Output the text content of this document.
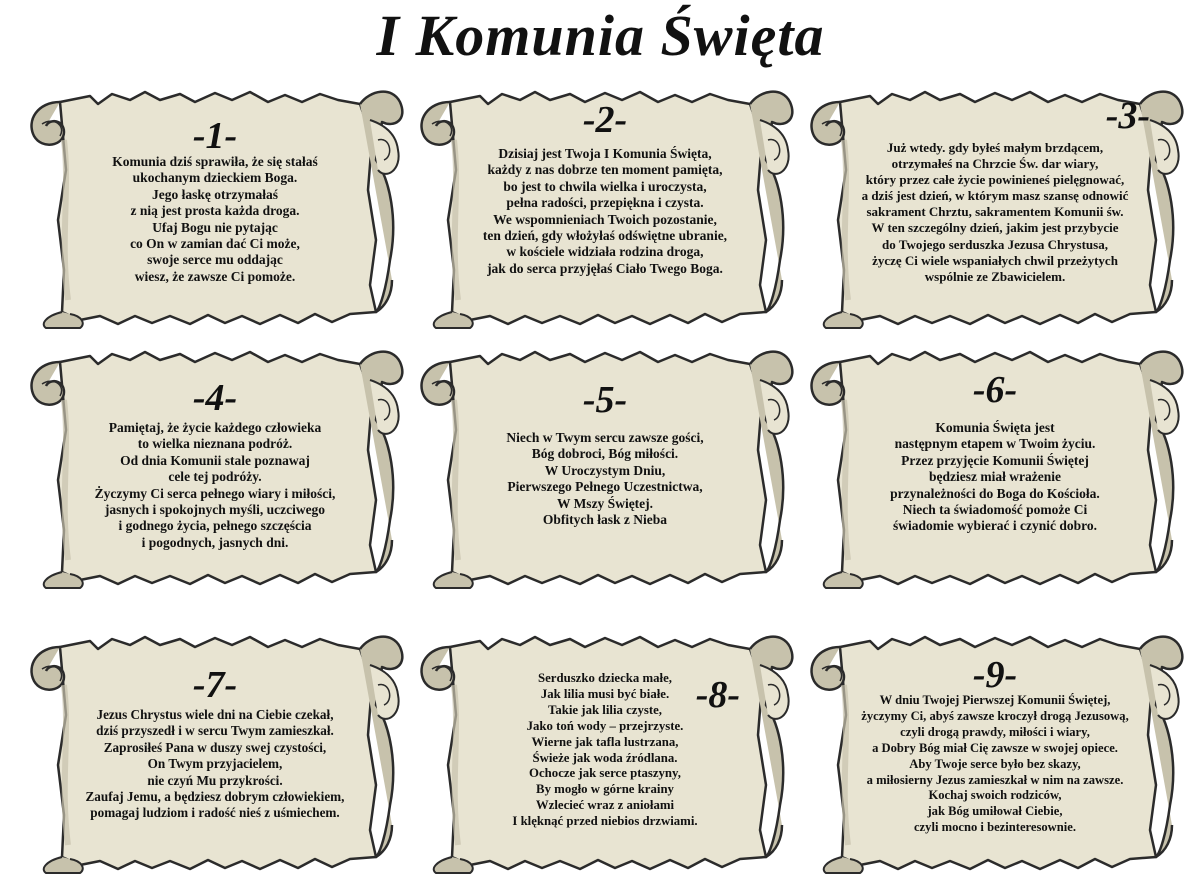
I Komunia Święta
-1-
Komunia dziś sprawiła, że się stałaś
ukochanym dzieckiem Boga.
Jego łaskę otrzymałaś
z nią jest prosta każda droga.
Ufaj Bogu nie pytając
co On w zamian dać Ci może,
swoje serce mu oddając
wiesz, że zawsze Ci pomoże.
-2-
Dzisiaj jest Twoja I Komunia Święta,
każdy z nas dobrze ten moment pamięta,
bo jest to chwila wielka i uroczysta,
pełna radości, przepiękna i czysta.
We wspomnieniach Twoich pozostanie,
ten dzień, gdy włożyłaś odświętne ubranie,
w kościele widziała rodzina droga,
jak do serca przyjęłaś Ciało Twego Boga.
-3-
Już wtedy. gdy byłeś małym brzdącem,
otrzymałeś na Chrzcie Św. dar wiary,
który przez całe życie powinieneś pielęgnować,
a dziś jest dzień, w którym masz szansę odnowić
sakrament Chrztu, sakramentem Komunii św.
W ten szczególny dzień, jakim jest przybycie
do Twojego serduszka Jezusa Chrystusa,
życzę Ci wiele wspaniałych chwil przeżytych
wspólnie ze Zbawicielem.
-4-
Pamiętaj, że życie każdego człowieka
to wielka nieznana podróż.
Od dnia Komunii stale poznawaj
cele tej podróży.
Życzymy Ci serca pełnego wiary i miłości,
jasnych i spokojnych myśli, uczciwego
i godnego życia, pełnego szczęścia
i pogodnych, jasnych dni.
-5-
Niech w Twym sercu zawsze gości,
Bóg dobroci, Bóg miłości.
W Uroczystym Dniu,
Pierwszego Pełnego Uczestnictwa,
W Mszy Świętej.
Obfitych łask z Nieba
-6-
Komunia Święta jest
następnym etapem w Twoim życiu.
Przez przyjęcie Komunii Świętej
będziesz miał wrażenie
przynależności do Boga do Kościoła.
Niech ta świadomość pomoże Ci
świadomie wybierać i czynić dobro.
-7-
Jezus Chrystus wiele dni na Ciebie czekał,
dziś przyszedł i w sercu Twym zamieszkał.
Zaprosiłeś Pana w duszy swej czystości,
On Twym przyjacielem,
nie czyń Mu przykrości.
Zaufaj Jemu, a będziesz dobrym człowiekiem,
pomagaj ludziom i radość nieś z uśmiechem.
-8-
Serduszko dziecka małe,
Jak lilia musi być białe.
Takie jak lilia czyste,
Jako toń wody – przejrzyste.
Wierne jak tafla lustrzana,
Świeże jak woda źródlana.
Ochocze jak serce ptaszyny,
By mogło w górne krainy
Wzlecieć wraz z aniołami
I klęknąć przed niebios drzwiami.
-9-
W dniu Twojej Pierwszej Komunii Świętej,
życzymy Ci, abyś zawsze kroczył drogą Jezusową,
czyli drogą prawdy, miłości i wiary,
a Dobry Bóg miał Cię zawsze w swojej opiece.
Aby Twoje serce było bez skazy,
a miłosierny Jezus zamieszkał w nim na zawsze.
Kochaj swoich rodziców,
jak Bóg umiłował Ciebie,
czyli mocno i bezinteresownie.
